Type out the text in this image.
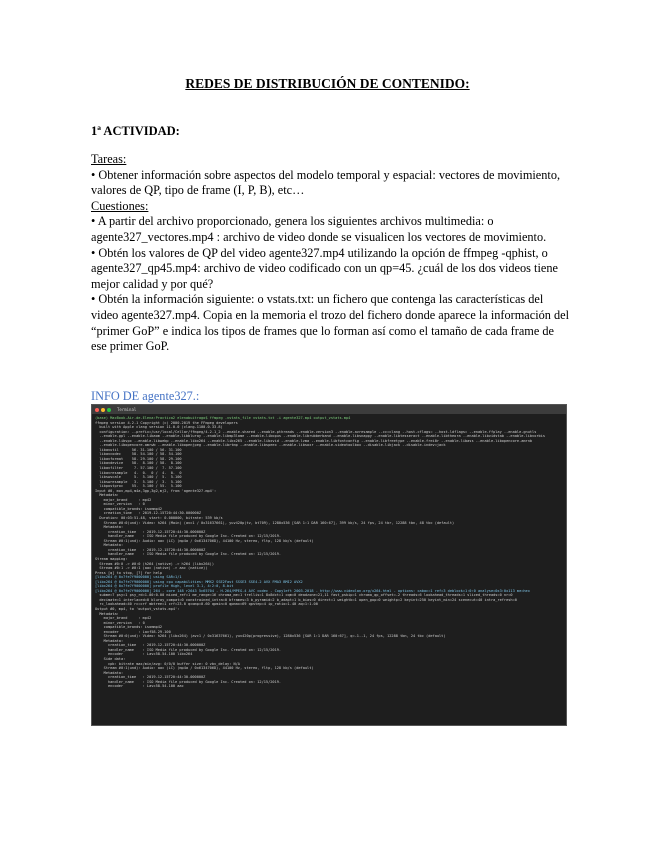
REDES DE DISTRIBUCIÓN DE CONTENIDO:
1ª ACTIVIDAD:

Tareas:

• Obtener información sobre aspectos del modelo temporal y espacial: vectores de movimiento, valores de QP, tipo de frame (I, P, B), etc…

Cuestiones:

• A partir del archivo proporcionado, genera los siguientes archivos multimedia: o agente327_vectores.mp4 : archivo de video donde se visualicen los vectores de movimiento.

• Obtén los valores de QP del video agente327.mp4 utilizando la opción de ffmpeg -qphist, o agente327_qp45.mp4: archivo de video codificado con un qp=45. ¿cuál de los dos videos tiene mejor calidad y por qué?

• Obtén la información siguiente: o vstats.txt: un fichero que contenga las características del video agente327.mp4. Copia en la memoria el trozo del fichero donde aparece la información del “primer GoP” e indica los tipos de frames que lo forman así como el tamaño de cada frame de ese primer GoP.

INFO DE agente327.:
Terminal
(base) MacBook-Air-de-Elena:Practica2 elenabuitrago$ ffmpeg -vstats_file vstats.txt -i agente327.mp4 output_vstats.mp4
ffmpeg version 4.2.1 Copyright (c) 2000-2019 the FFmpeg developers
built with Apple clang version 11.0.0 (clang-1100.0.33.8)
configuration: --prefix=/usr/local/Cellar/ffmpeg/4.2.1_2 --enable-shared --enable-pthreads --enable-version3 --enable-avresample --cc=clang --host-cflags= --host-ldflags= --enable-ffplay --enable-gnutls
--enable-gpl --enable-libaom --enable-libbluray --enable-libmp3lame --enable-libopus --enable-librubberband --enable-libsnappy --enable-libtesseract --enable-libtheora --enable-libvidstab --enable-libvorbis
--enable-libvpx --enable-libwebp --enable-libx264 --enable-libx265 --enable-libxvid --enable-lzma --enable-libfontconfig --enable-libfreetype --enable-frei0r --enable-libass --enable-libopencore-amrnb
--enable-libopencore-amrwb --enable-libopenjpeg --enable-librtmp --enable-libspeex --enable-libsoxr --enable-videotoolbox --disable-libjack --disable-indev=jack
libavutil      56. 31.100 / 56. 31.100
libavcodec     58. 54.100 / 58. 54.100
libavformat    58. 29.100 / 58. 29.100
libavdevice    58.  8.100 / 58.  8.100
libavfilter     7. 57.100 /  7. 57.100
libavresample   4.  0.  0 /  4.  0.  0
libswscale      5.  5.100 /  5.  5.100
libswresample   3.  5.100 /  3.  5.100
libpostproc    55.  5.100 / 55.  5.100
Input #0, mov,mp4,m4a,3gp,3g2,mj2, from 'agente327.mp4':
Metadata:
major_brand     : mp42
minor_version   : 0
compatible_brands: isommp42
creation_time   : 2019-12-15T20:44:30.000000Z
Duration: 00:03:51.48, start: 0.000000, bitrate: 539 kb/s
Stream #0:0(und): Video: h264 (Main) (avc1 / 0x31637661), yuv420p(tv, bt709), 1280x536 [SAR 1:1 DAR 160:67], 399 kb/s, 24 fps, 24 tbr, 12288 tbn, 48 tbc (default)
Metadata:
creation_time   : 2019-12-15T20:44:30.000000Z
handler_name    : ISO Media file produced by Google Inc. Created on: 12/15/2019.
Stream #0:1(und): Audio: aac (LC) (mp4a / 0x6134706D), 44100 Hz, stereo, fltp, 128 kb/s (default)
Metadata:
creation_time   : 2019-12-15T20:44:30.000000Z
handler_name    : ISO Media file produced by Google Inc. Created on: 12/15/2019.
Stream mapping:
Stream #0:0 -> #0:0 (h264 (native) -> h264 (libx264))
Stream #0:1 -> #0:1 (aac (native) -> aac (native))
Press [q] to stop, [?] for help
[libx264 @ 0x7fe7f9000000] using SAR=1/1
[libx264 @ 0x7fe7f9000000] using cpu capabilities: MMX2 SSE2Fast SSSE3 SSE4.2 AVX FMA3 BMI2 AVX2
[libx264 @ 0x7fe7f9000000] profile High, level 3.1, 4:2:0, 8-bit
[libx264 @ 0x7fe7f9000000] 264 - core 148 r2643 5c65704 - H.264/MPEG-4 AVC codec - Copyleft 2003-2018 - http://www.videolan.org/x264.html - options: cabac=1 ref=3 deblock=1:0:0 analyse=0x3:0x113 me=hex
subme=7 psy=1 psy_rd=1.00:0.00 mixed_ref=1 me_range=16 chroma_me=1 trellis=1 8x8dct=1 cqm=0 deadzone=21,11 fast_pskip=1 chroma_qp_offset=-2 threads=6 lookahead_threads=1 sliced_threads=0 nr=0
decimate=1 interlaced=0 bluray_compat=0 constrained_intra=0 bframes=3 b_pyramid=2 b_adapt=1 b_bias=0 direct=1 weightb=1 open_gop=0 weightp=2 keyint=250 keyint_min=24 scenecut=40 intra_refresh=0
rc_lookahead=40 rc=crf mbtree=1 crf=23.0 qcomp=0.60 qpmin=0 qpmax=69 qpstep=4 ip_ratio=1.40 aq=1:1.00
Output #0, mp4, to 'output_vstats.mp4':
Metadata:
major_brand     : mp42
minor_version   : 0
compatible_brands: isommp42
encoder         : Lavf58.29.100
Stream #0:0(und): Video: h264 (libx264) (avc1 / 0x31637661), yuv420p(progressive), 1280x536 [SAR 1:1 DAR 160:67], q=-1--1, 24 fps, 12288 tbn, 24 tbc (default)
Metadata:
creation_time   : 2019-12-15T20:44:30.000000Z
handler_name    : ISO Media file produced by Google Inc. Created on: 12/15/2019.
encoder         : Lavc58.54.100 libx264
Side data:
cpb: bitrate max/min/avg: 0/0/0 buffer size: 0 vbv_delay: N/A
Stream #0:1(und): Audio: aac (LC) (mp4a / 0x6134706D), 44100 Hz, stereo, fltp, 128 kb/s (default)
Metadata:
creation_time   : 2019-12-15T20:44:30.000000Z
handler_name    : ISO Media file produced by Google Inc. Created on: 12/15/2019.
encoder         : Lavc58.54.100 aac
